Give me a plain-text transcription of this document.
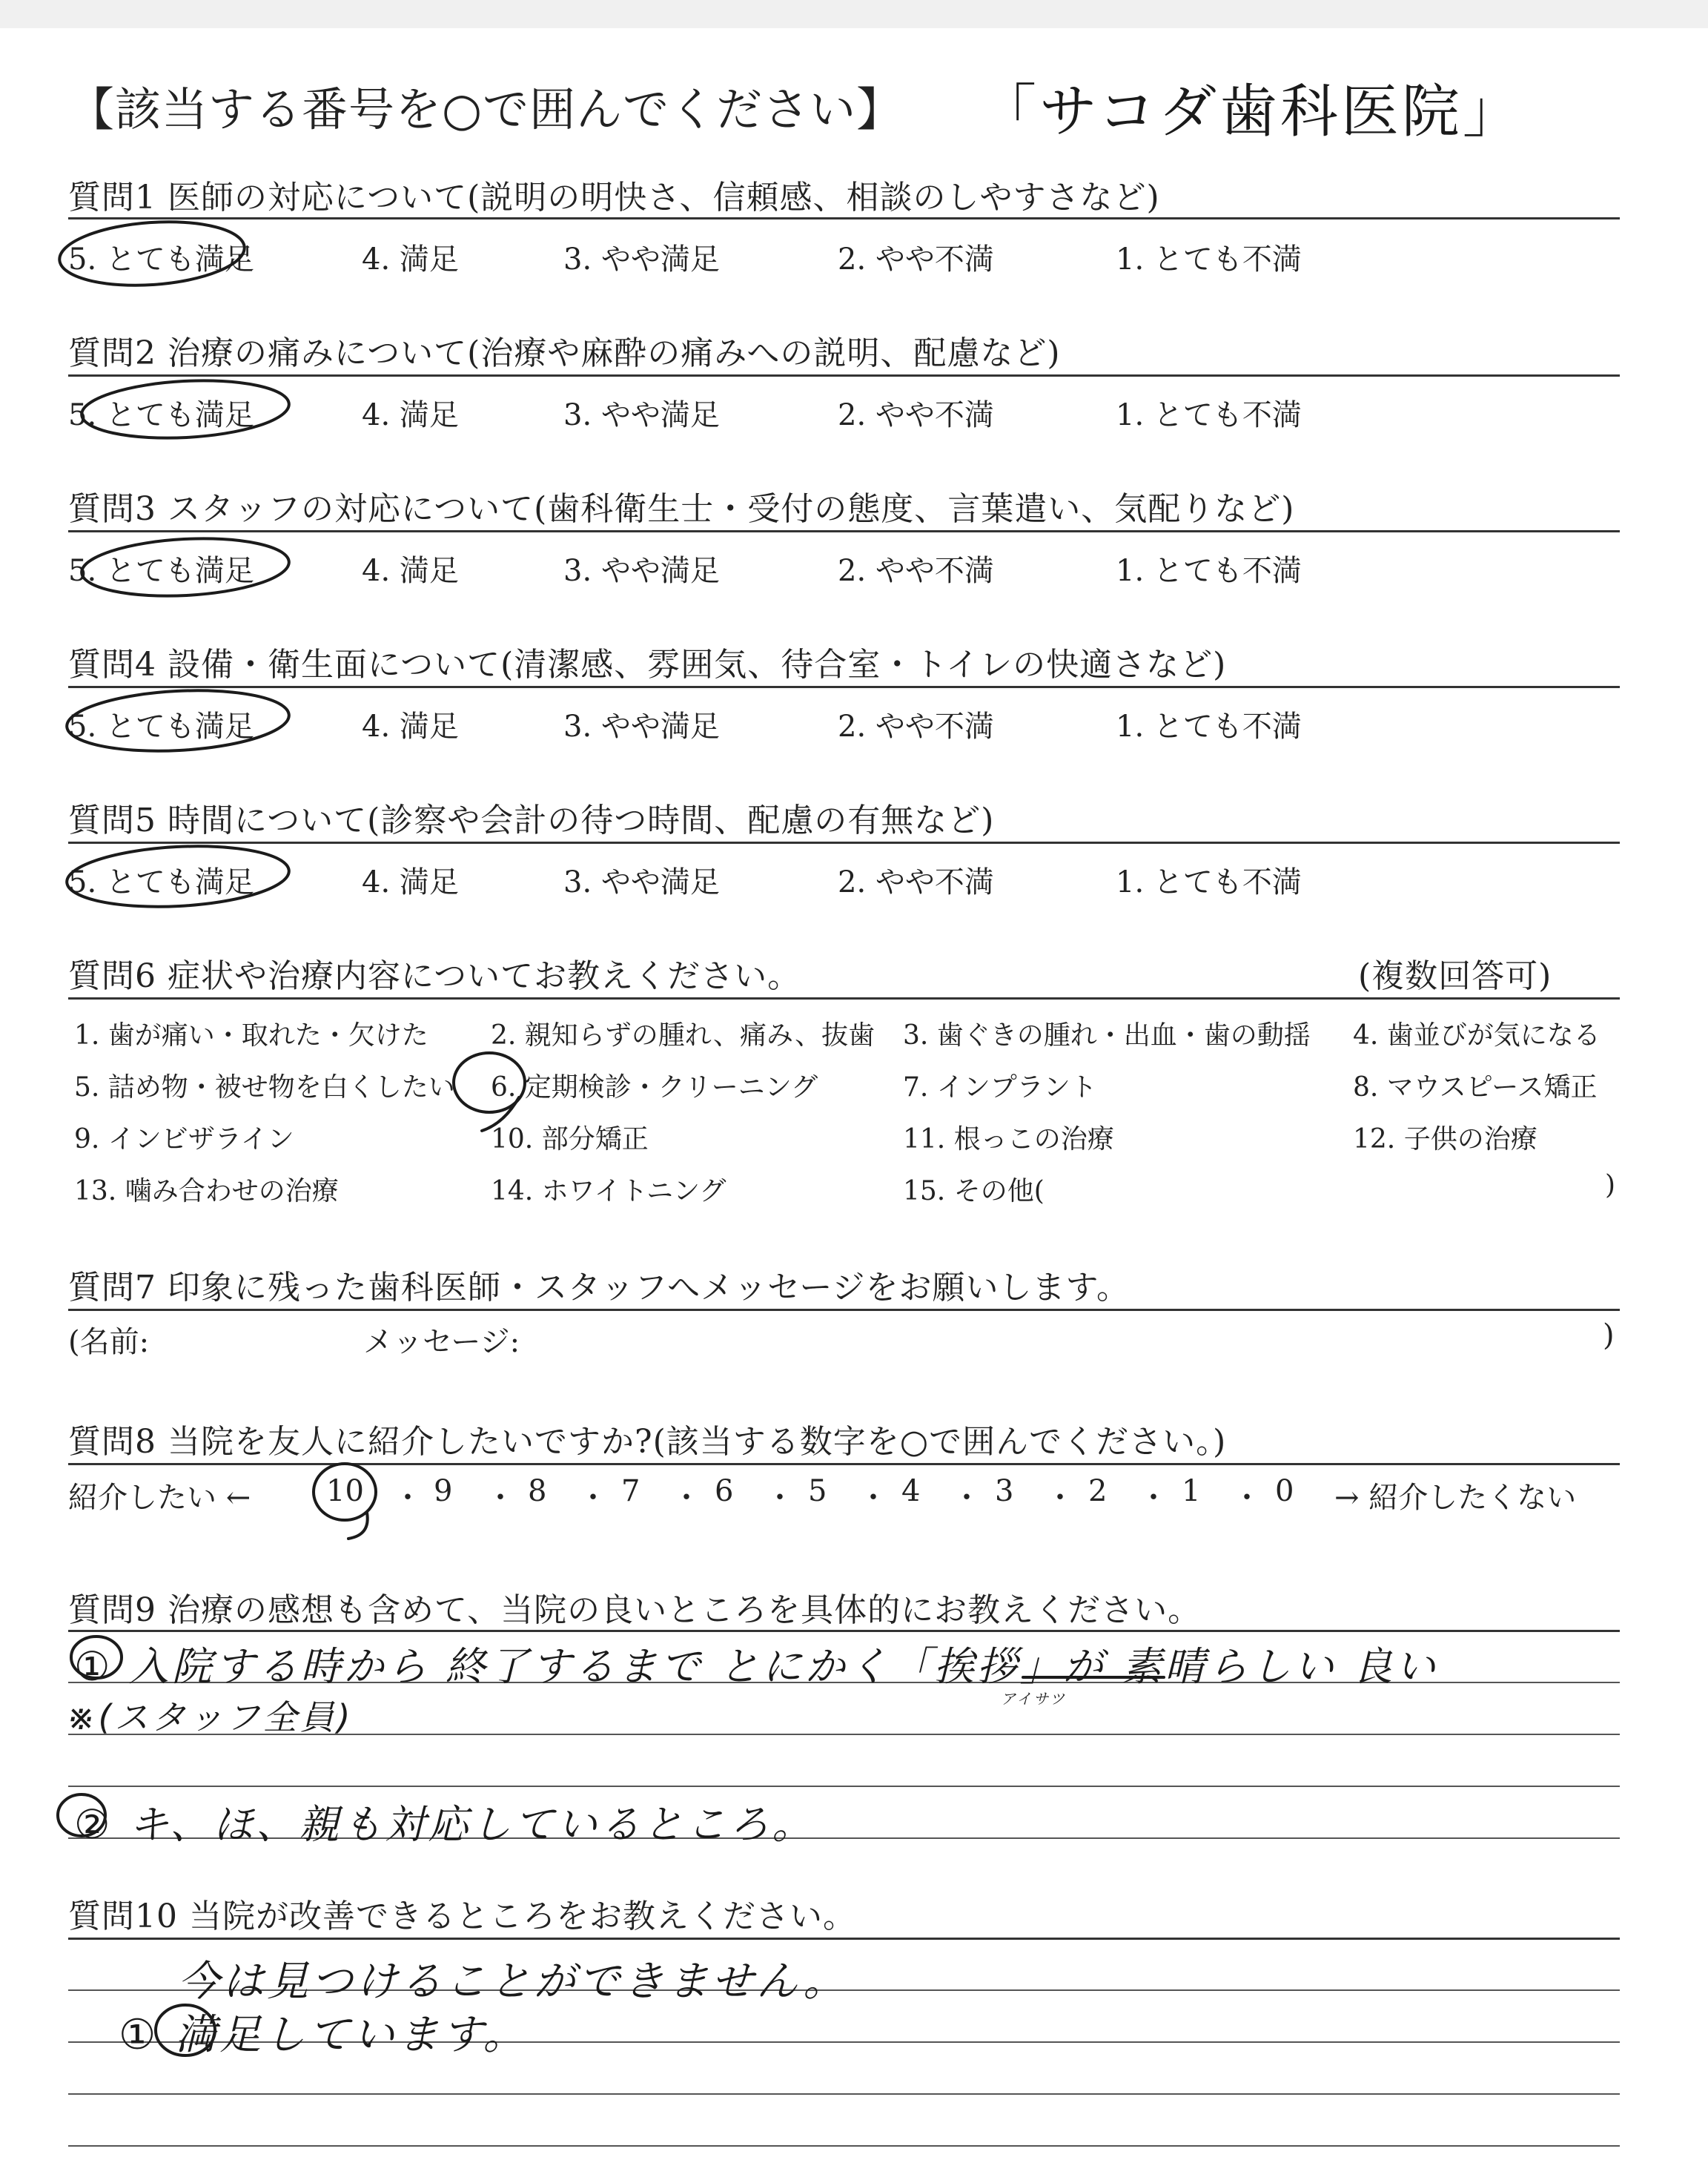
【該当する番号を○で囲んでください】 「サコダ歯科医院」
質問1 医師の対応について(説明の明快さ、信頼感、相談のしやすさなど)
5. とても満足	4. 満足	3. やや満足	2. やや不満	1. とても不満
質問2 治療の痛みについて(治療や麻酔の痛みへの説明、配慮など)
5. とても満足	4. 満足	3. やや満足	2. やや不満	1. とても不満
質問3 スタッフの対応について(歯科衛生士・受付の態度、言葉遣い、気配りなど)
5. とても満足	4. 満足	3. やや満足	2. やや不満	1. とても不満
質問4 設備・衛生面について(清潔感、雰囲気、待合室・トイレの快適さなど)
5. とても満足	4. 満足	3. やや満足	2. やや不満	1. とても不満
質問5 時間について(診察や会計の待つ時間、配慮の有無など)
5. とても満足	4. 満足	3. やや満足	2. やや不満	1. とても不満
質問6 症状や治療内容についてお教えください。	(複数回答可)
1. 歯が痛い・取れた・欠けた 2. 親知らずの腫れ、痛み、抜歯 3. 歯ぐきの腫れ・出血・歯の動揺 4. 歯並びが気になる
5. 詰め物・被せ物を白くしたい 6. 定期検診・クリーニング	7. インプラント	8. マウスピース矯正
9. インビザライン	10. 部分矯正	11. 根っこの治療	12. 子供の治療
13. 噛み合わせの治療	14. ホワイトニング	15. その他(	)
質問7 印象に残った歯科医師・スタッフへメッセージをお願いします。
(名前:	メッセージ:	)
質問8 当院を友人に紹介したいですか?(該当する数字を○で囲んでください。)
紹介したい ←	10 ・ 9 ・ 8 ・ 7 ・ 6 ・ 5 ・ 4 ・ 3 ・ 2 ・ 1 ・ 0 → 紹介したくない
質問9 治療の感想も含めて、当院の良いところを具体的にお教えください。
① 入院する時から 終了するまで とにかく「挨拶」が 素晴らしい 良い
アイサツ
※(スタッフ全員)
② キ、ほ、親も対応しているところ。
質問10 当院が改善できるところをお教えください。
今は見つけることができません。
① 満足しています。
